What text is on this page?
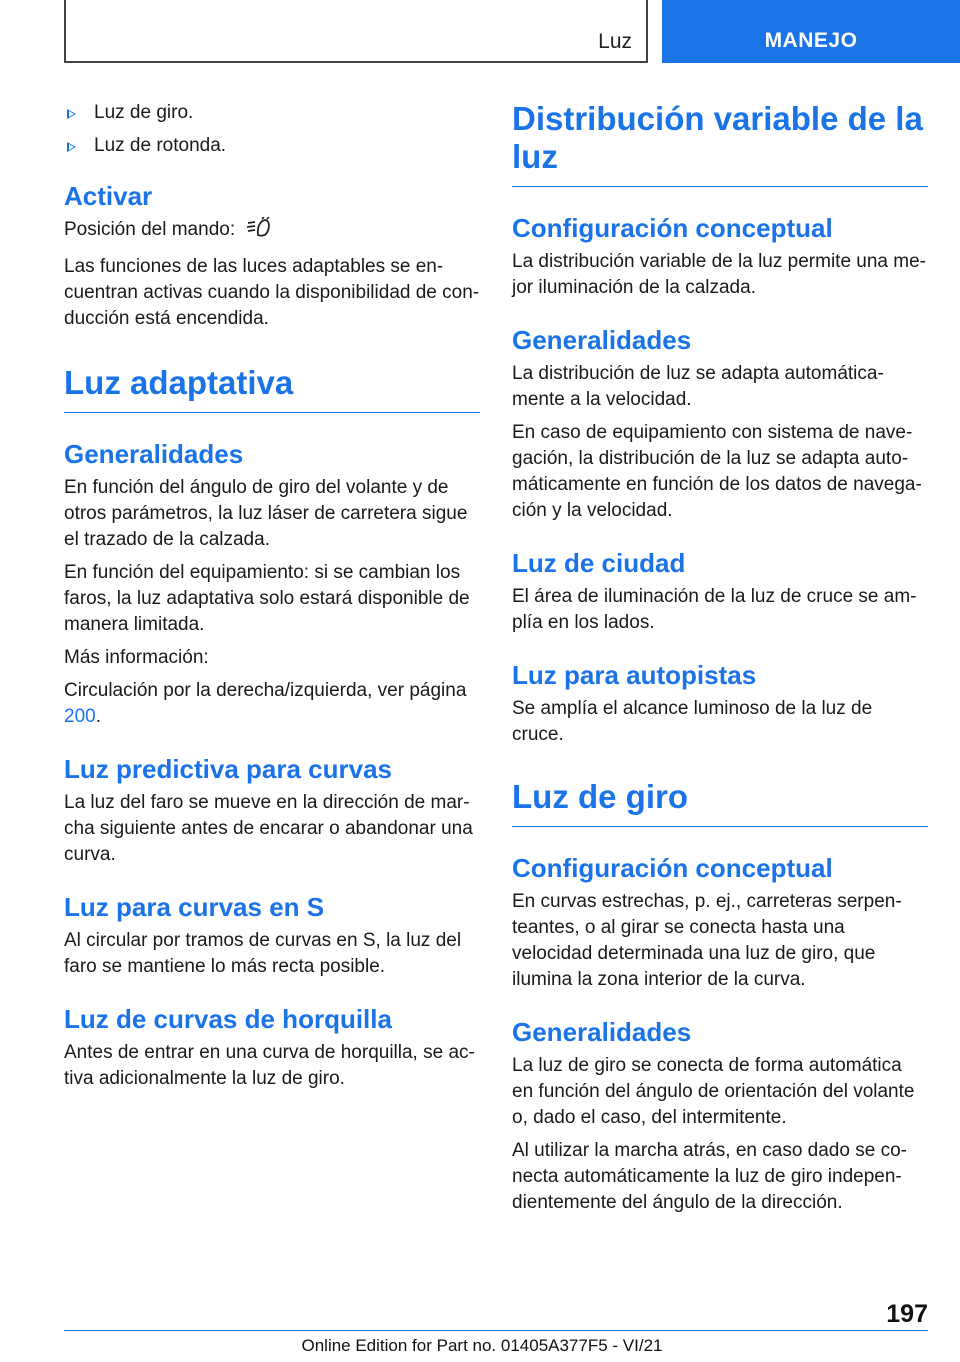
Luz	MANEJO
Luz de giro.
Luz de rotonda.
Activar

Posición del mando:

Las funciones de las luces adaptables se encuentran activas cuando la disponibilidad de conducción está encendida.

Luz adaptativa
Generalidades

En función del ángulo de giro del volante y de otros parámetros, la luz láser de carretera sigue el trazado de la calzada.

En función del equipamiento: si se cambian los faros, la luz adaptativa solo estará disponible de manera limitada.

Más información:

Circulación por la derecha/izquierda, ver página 200.

Luz predictiva para curvas

La luz del faro se mueve en la dirección de marcha siguiente antes de encarar o abandonar una curva.

Luz para curvas en S

Al circular por tramos de curvas en S, la luz del faro se mantiene lo más recta posible.

Luz de curvas de horquilla

Antes de entrar en una curva de horquilla, se activa adicionalmente la luz de giro.

Distribución variable de la luz
Configuración conceptual

La distribución variable de la luz permite una mejor iluminación de la calzada.

Generalidades

La distribución de luz se adapta automáticamente a la velocidad.

En caso de equipamiento con sistema de navegación, la distribución de la luz se adapta automáticamente en función de los datos de navegación y la velocidad.

Luz de ciudad

El área de iluminación de la luz de cruce se amplía en los lados.

Luz para autopistas

Se amplía el alcance luminoso de la luz de cruce.

Luz de giro
Configuración conceptual

En curvas estrechas, p. ej., carreteras serpenteantes, o al girar se conecta hasta una velocidad determinada una luz de giro, que ilumina la zona interior de la curva.

Generalidades

La luz de giro se conecta de forma automática en función del ángulo de orientación del volante o, dado el caso, del intermitente.

Al utilizar la marcha atrás, en caso dado se conecta automáticamente la luz de giro independientemente del ángulo de la dirección.

197
Online Edition for Part no. 01405A377F5 - VI/21
